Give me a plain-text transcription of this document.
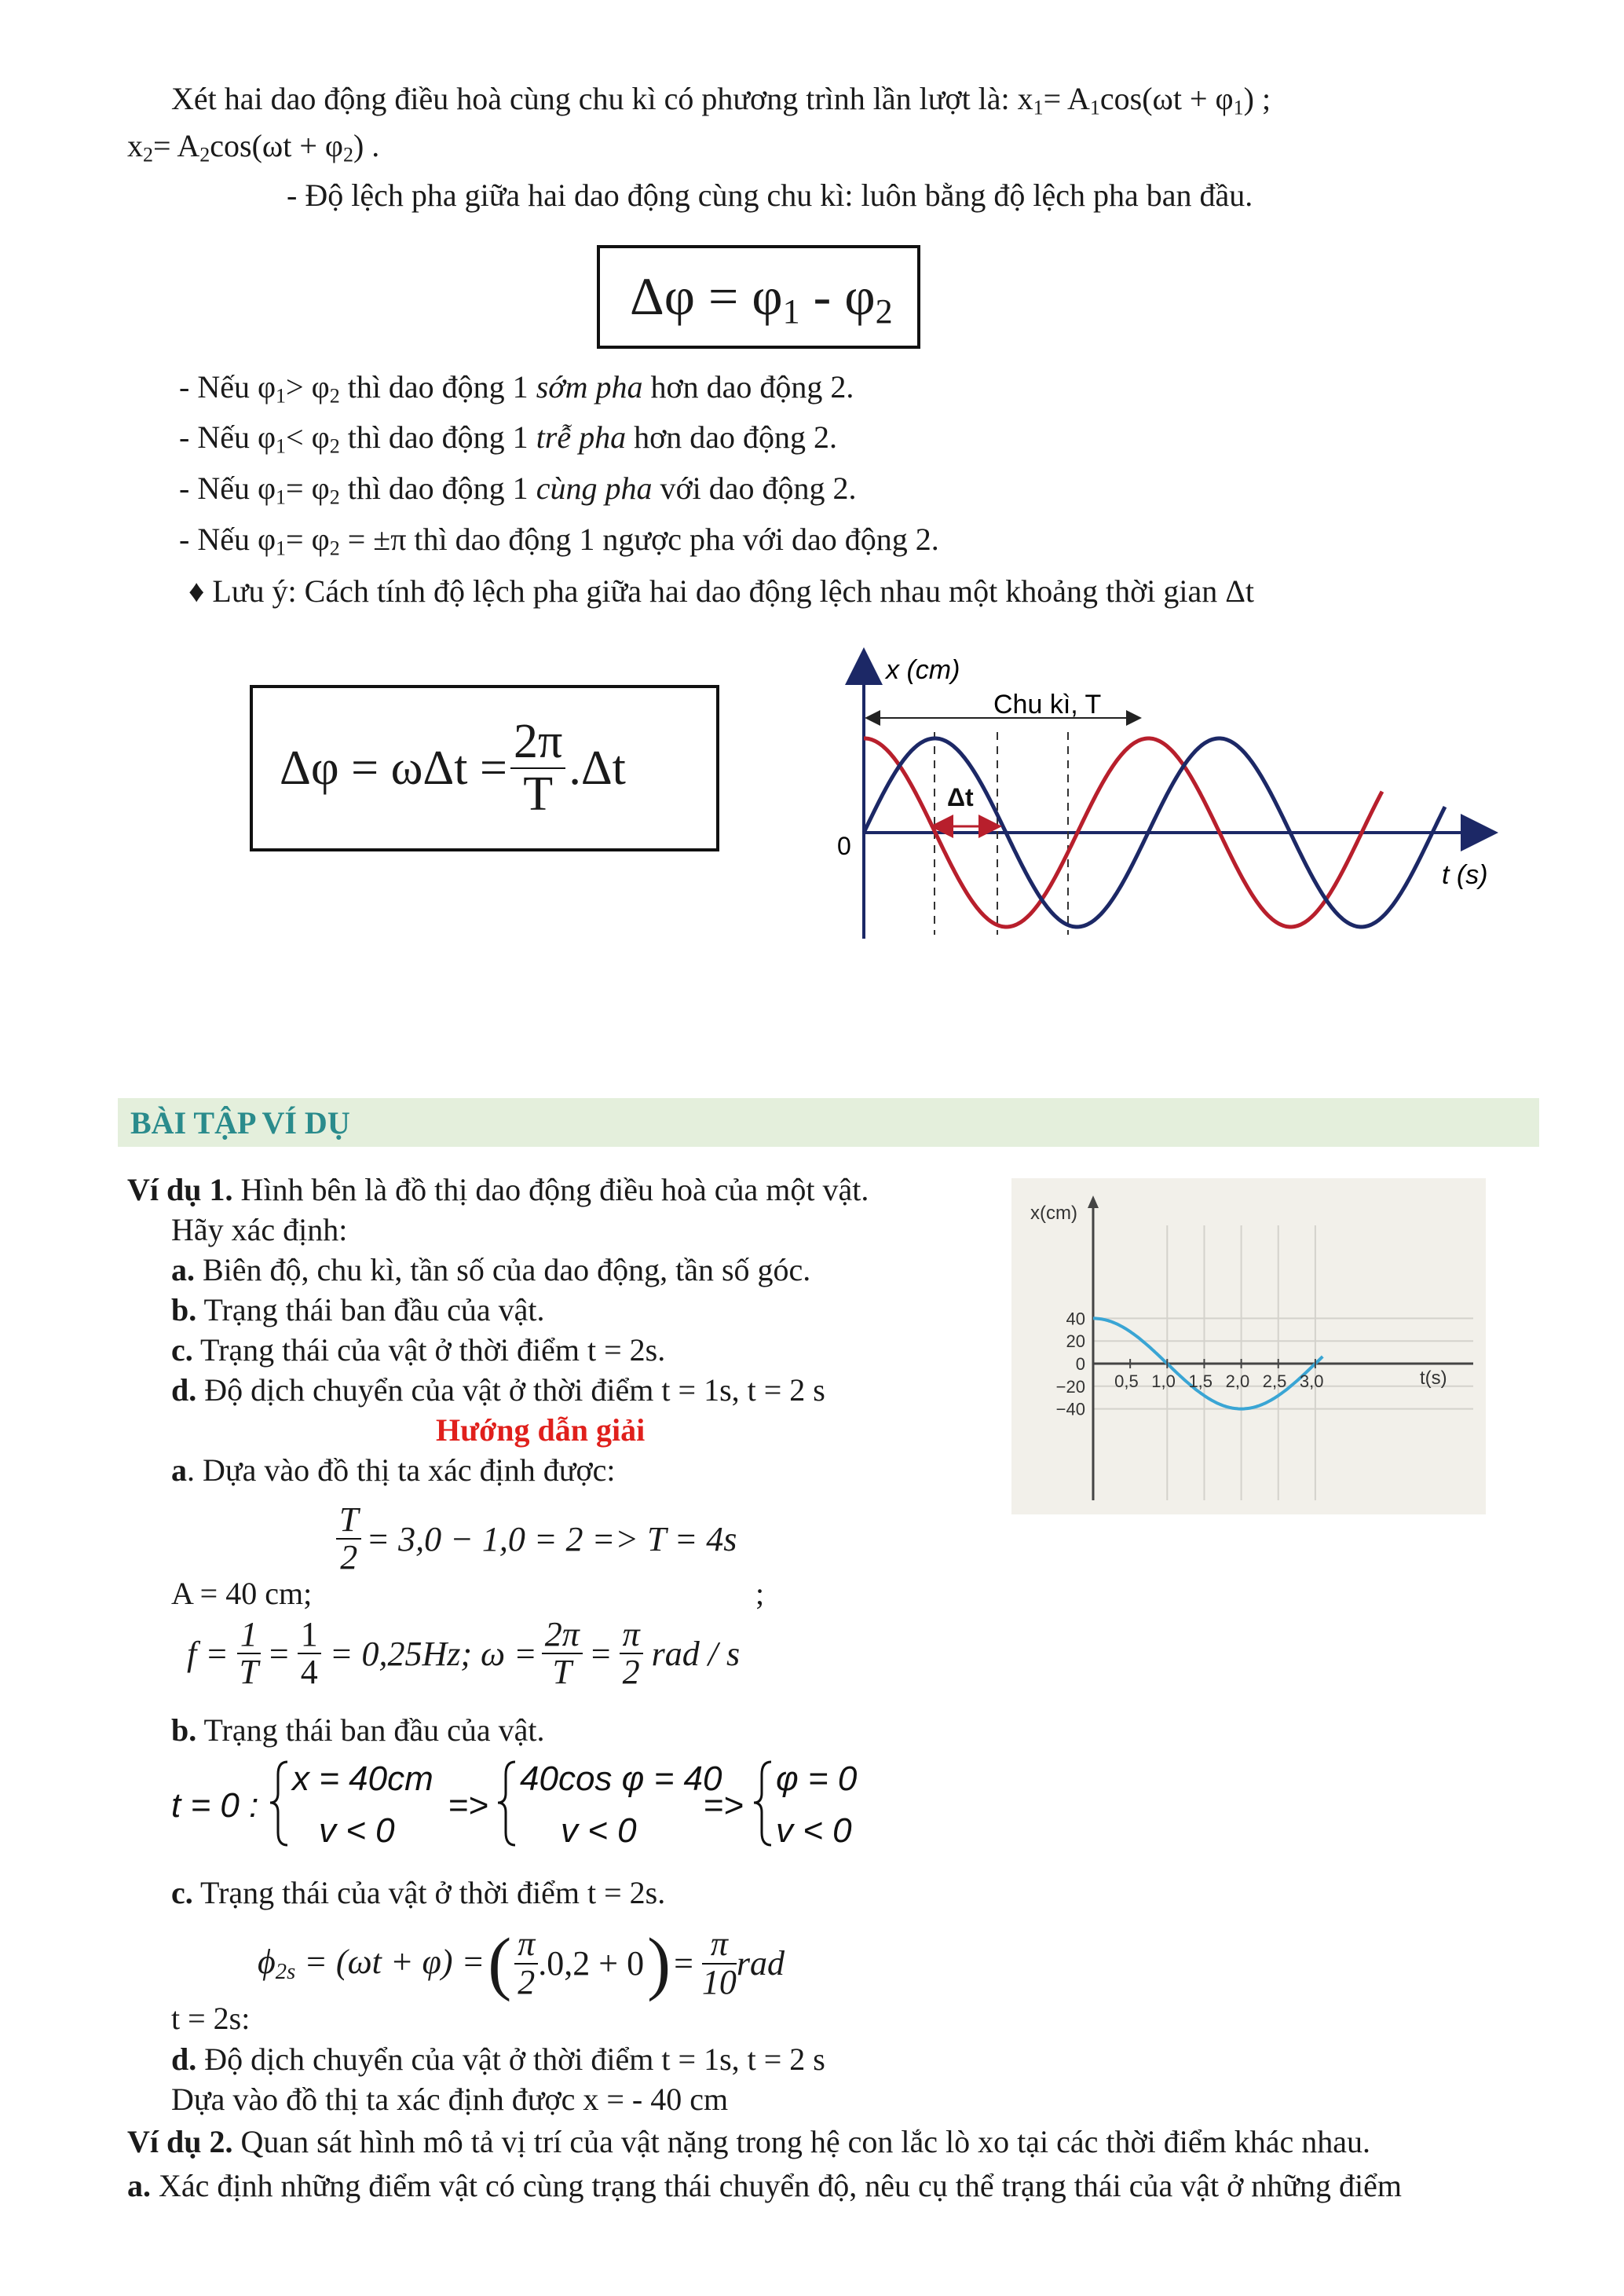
Xét hai dao động điều hoà cùng chu kì có phương trình lần lượt là: $x_1= A_1\cos(\omega t + \varphi_1)$ ;
$x_2= A_2\cos(\omega t + \varphi_2)$ .
- Độ lệch pha giữa hai dao động cùng chu kì: luôn bằng độ lệch pha ban đầu.
$\Delta\varphi = \varphi_1 - \varphi_2$
- Nếu $\varphi_1> \varphi_2$ thì dao động 1 sớm pha hơn dao động 2.
- Nếu $\varphi_1< \varphi_2$ thì dao động 1 trễ pha hơn dao động 2.
- Nếu $\varphi_1= \varphi_2$ thì dao động 1 cùng pha với dao động 2.
- Nếu $\varphi_1= \varphi_2 = \pm\pi$ thì dao động 1 ngược pha với dao động 2.
♦ Lưu ý: Cách tính độ lệch pha giữa hai dao động lệch nhau một khoảng thời gian Δt
$\Delta\varphi = \omega\Delta t = \frac{2\pi}{T} .\Delta t$
x (cm)
Chu kì, T
t (s)
0
Δt
BÀI TẬP VÍ DỤ
Ví dụ 1. Hình bên là đồ thị dao động điều hoà của một vật.
Hãy xác định:
a. Biên độ, chu kì, tần số của dao động, tần số góc.
b. Trạng thái ban đầu của vật.
c. Trạng thái của vật ở thời điểm t = 2s.
d. Độ dịch chuyển của vật ở thời điểm t = 1s, t = 2 s
Hướng dẫn giải
a. Dựa vào đồ thị ta xác định được:
A = 40 cm;
$\frac{T}{2} = 3,0 - 1,0 = 2 => T = 4s$
;
$f = \frac{1}{T} = \frac{1}{4}$
= 0,25Hz; $\omega = \frac{2\pi}{T} = \frac{\pi}{2}$ rad / s
b. Trạng thái ban đầu của vật.
t = 0 :
x = 40cm
v < 0
=>
40cos φ = 40
v < 0
=>
φ = 0
v < 0
c. Trạng thái của vật ở thời điểm t = 2s.
$\phi_{2s} = (\omega t + \varphi)$ = ( $\frac{\pi}{2} .0,2 + 0$ ) = $\frac{\pi}{10}$ rad
t = 2s:
d. Độ dịch chuyển của vật ở thời điểm t = 1s, t = 2 s
Dựa vào đồ thị ta xác định được x = - 40 cm
Ví dụ 2. Quan sát hình mô tả vị trí của vật nặng trong hệ con lắc lò xo tại các thời điểm khác nhau.
a. Xác định những điểm vật có cùng trạng thái chuyển độ, nêu cụ thể trạng thái của vật ở những điểm
0,5 1,0 1,5 2,0 2,5 3,0
40
20
0
−20
−40
x(cm)
t(s)
